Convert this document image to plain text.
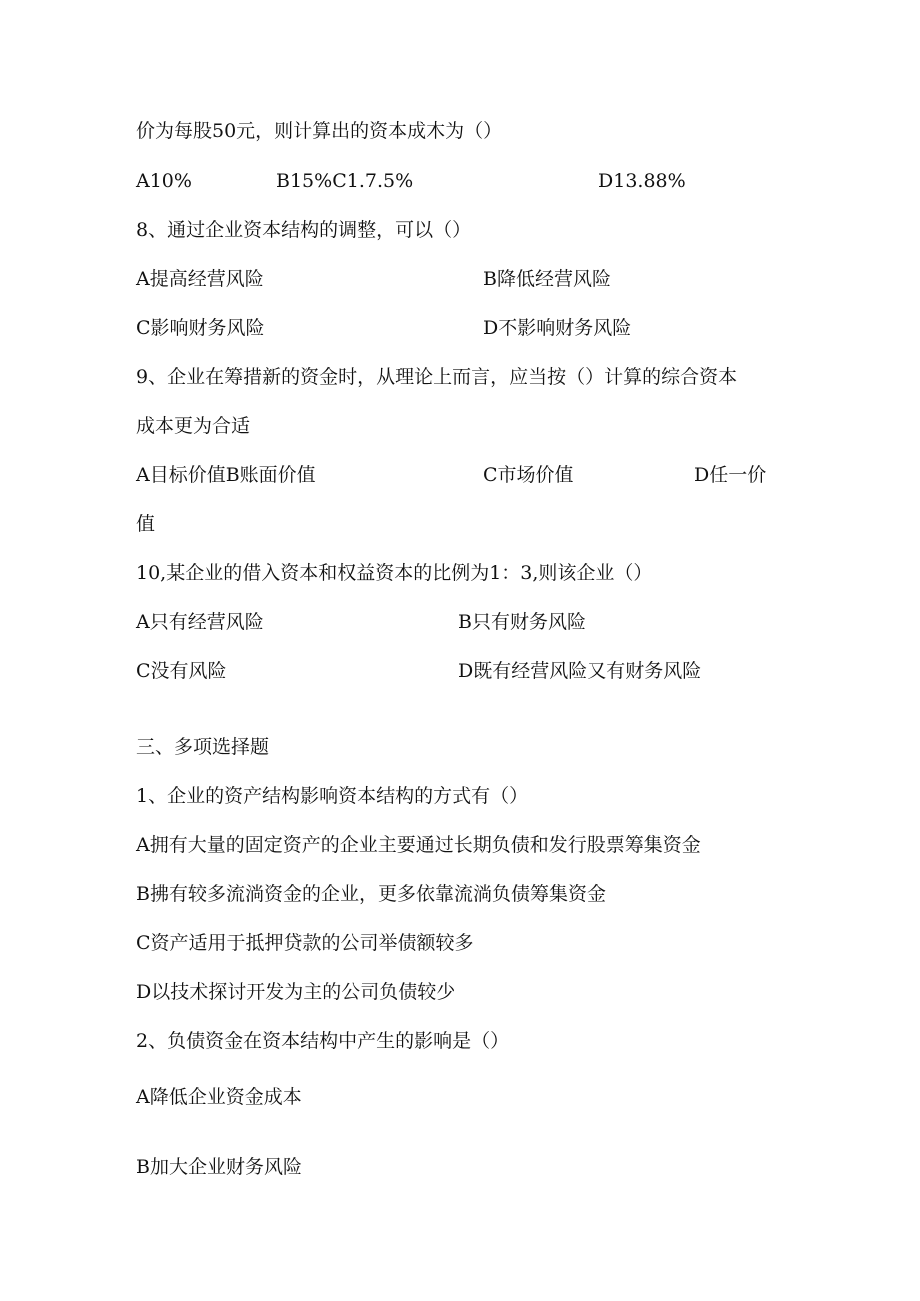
价为每股50元，则计算出的资本成木为（）
A10%	B15%C1.7.5%	D13.88%
8、通过企业资本结构的调整，可以（）
A提高经营风险	B降低经营风险
C影响财务风险	D不影响财务风险
9、企业在筹措新的资金时，从理论上而言，应当按（）计算的综合资本
成本更为合适
A目标价值B账面价值	C市场价值	D任一价
值
10,某企业的借入资本和权益资本的比例为1：3,则该企业（）
A只有经营风险	B只有财务风险
C没有风险	D既有经营风险又有财务风险
三、多项选择题
1、企业的资产结构影响资本结构的方式有（）
A拥有大量的固定资产的企业主要通过长期负债和发行股票筹集资金
B拂有较多流淌资金的企业，更多依靠流淌负债筹集资金
C资产适用于抵押贷款的公司举债额较多
D以技术探讨开发为主的公司负债较少
2、负债资金在资本结构中产生的影响是（）
A降低企业资金成本
B加大企业财务风险
